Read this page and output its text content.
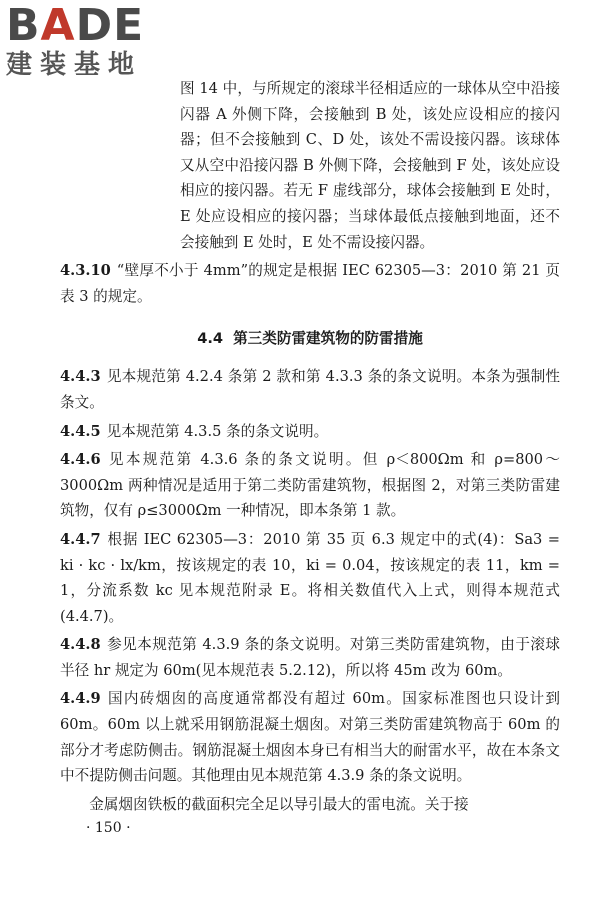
BADE
建装基地

图 14 中，与所规定的滚球半径相适应的一球体从空中沿接闪器 A 外侧下降，会接触到 B 处，该处应设相应的接闪器；但不会接触到 C、D 处，该处不需设接闪器。该球体又从空中沿接闪器 B 外侧下降，会接触到 F 处，该处应设相应的接闪器。若无 F 虚线部分，球体会接触到 E 处时，E 处应设相应的接闪器；当球体最低点接触到地面，还不会接触到 E 处时，E 处不需设接闪器。

4.3.10 “壁厚不小于 4mm”的规定是根据 IEC 62305—3：2010 第 21 页表 3 的规定。

4.4 第三类防雷建筑物的防雷措施

4.4.3 见本规范第 4.2.4 条第 2 款和第 4.3.3 条的条文说明。本条为强制性条文。

4.4.5 见本规范第 4.3.5 条的条文说明。

4.4.6 见本规范第 4.3.6 条的条文说明。但 ρ＜800Ωm 和 ρ=800～3000Ωm 两种情况是适用于第二类防雷建筑物，根据图 2，对第三类防雷建筑物，仅有 ρ≤3000Ωm 一种情况，即本条第 1 款。

4.4.7 根据 IEC 62305—3：2010 第 35 页 6.3 规定中的式(4)：Sa3 = ki · kc · lx/km，按该规定的表 10，ki = 0.04，按该规定的表 11，km = 1，分流系数 kc 见本规范附录 E。将相关数值代入上式，则得本规范式(4.4.7)。

4.4.8 参见本规范第 4.3.9 条的条文说明。对第三类防雷建筑物，由于滚球半径 hr 规定为 60m(见本规范表 5.2.12)，所以将 45m 改为 60m。

4.4.9 国内砖烟囱的高度通常都没有超过 60m。国家标准图也只设计到 60m。60m 以上就采用钢筋混凝土烟囱。对第三类防雷建筑物高于 60m 的部分才考虑防侧击。钢筋混凝土烟囱本身已有相当大的耐雷水平，故在本条文中不提防侧击问题。其他理由见本规范第 4.3.9 条的条文说明。

金属烟囱铁板的截面积完全足以导引最大的雷电流。关于接

· 150 ·
